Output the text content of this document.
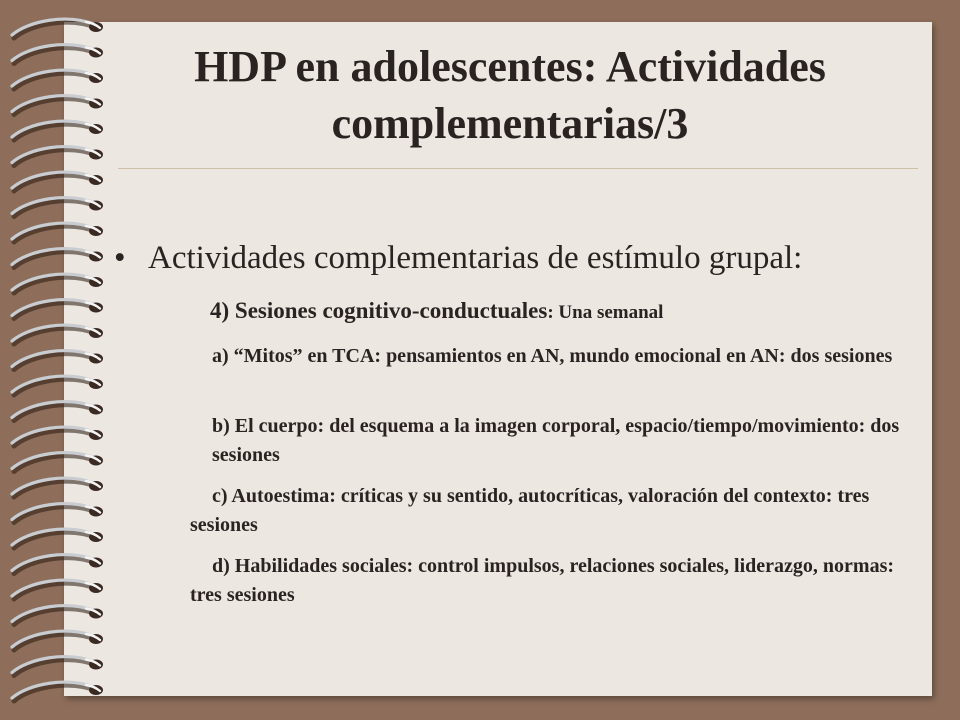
HDP en adolescentes: Actividades complementarias/3
• Actividades complementarias de estímulo grupal:
4) Sesiones cognitivo-conductuales: Una semanal
a) “Mitos” en TCA: pensamientos en AN, mundo emocional en AN: dos sesiones
b) El cuerpo: del esquema a la imagen corporal, espacio/tiempo/movimiento: dos sesiones
c) Autoestima: críticas y su sentido, autocríticas, valoración del contexto: tres sesiones
d) Habilidades sociales: control impulsos, relaciones sociales, liderazgo, normas: tres sesiones
